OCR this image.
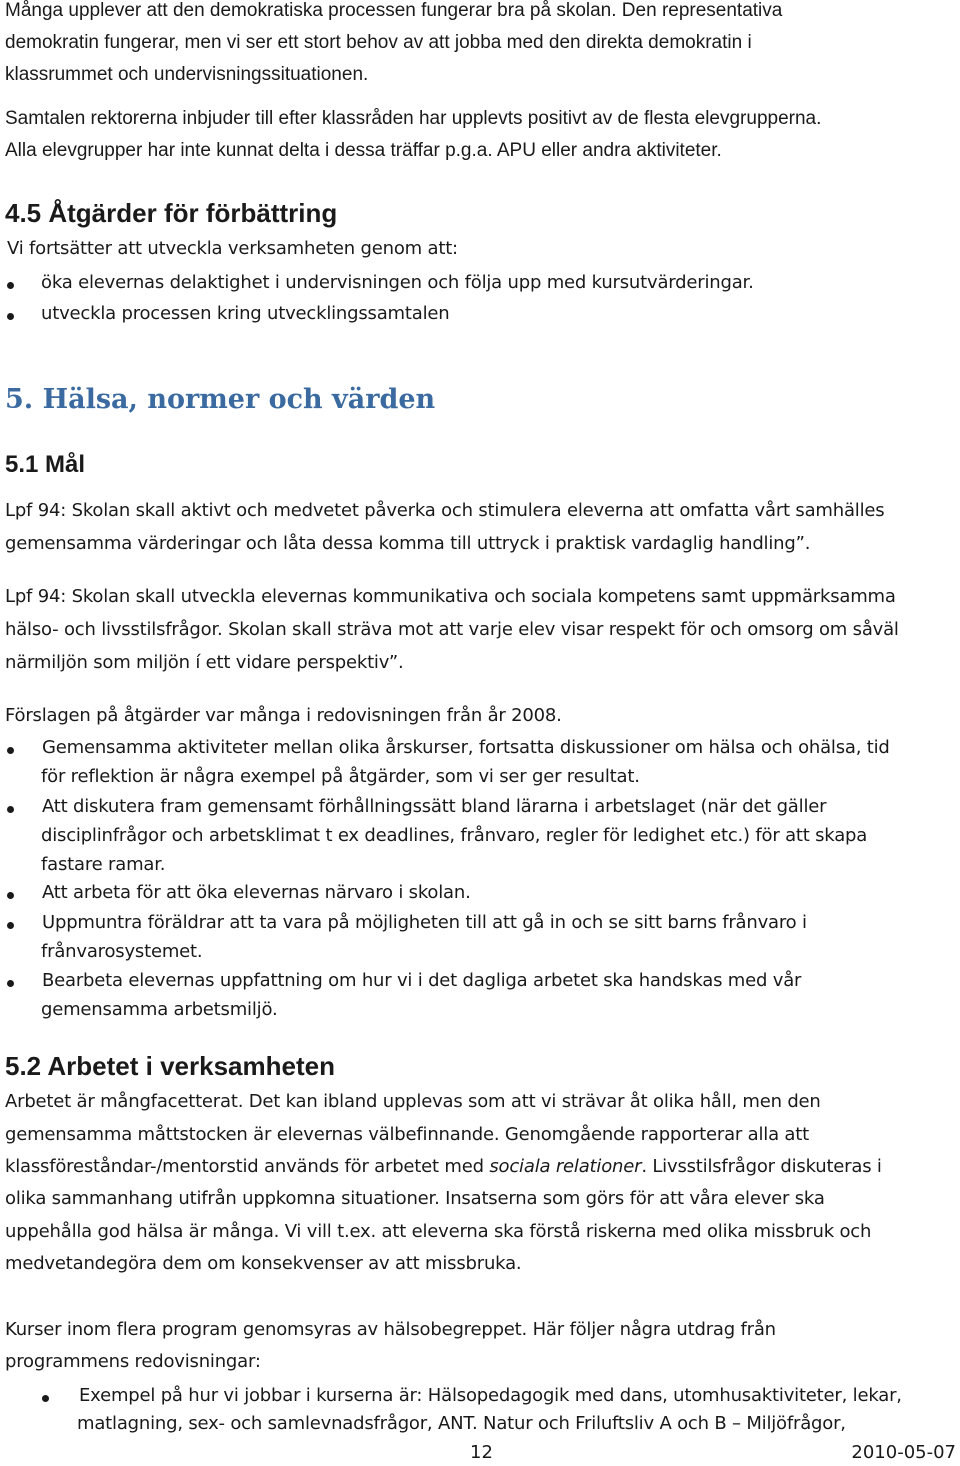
Många upplever att den demokratiska processen fungerar bra på skolan. Den representativa
demokratin fungerar, men vi ser ett stort behov av att jobba med den direkta demokratin i
klassrummet och undervisningssituationen.
Samtalen rektorerna inbjuder till efter klassråden har upplevts positivt av de flesta elevgrupperna.
Alla elevgrupper har inte kunnat delta i dessa träffar p.g.a. APU eller andra aktiviteter.
4.5 Åtgärder för förbättring
Vi fortsätter att utveckla verksamheten genom att:
öka elevernas delaktighet i undervisningen och följa upp med kursutvärderingar.
utveckla processen kring utvecklingssamtalen
5. Hälsa, normer och värden
5.1 Mål
Lpf 94: Skolan skall aktivt och medvetet påverka och stimulera eleverna att omfatta vårt samhälles
gemensamma värderingar och låta dessa komma till uttryck i praktisk vardaglig handling”.
Lpf 94: Skolan skall utveckla elevernas kommunikativa och sociala kompetens samt uppmärksamma
hälso- och livsstilsfrågor. Skolan skall sträva mot att varje elev visar respekt för och omsorg om såväl
närmiljön som miljön í ett vidare perspektiv”.
Förslagen på åtgärder var många i redovisningen från år 2008.
Gemensamma aktiviteter mellan olika årskurser, fortsatta diskussioner om hälsa och ohälsa, tid
för reflektion är några exempel på åtgärder, som vi ser ger resultat.
Att diskutera fram gemensamt förhållningssätt bland lärarna i arbetslaget (när det gäller
disciplinfrågor och arbetsklimat t ex deadlines, frånvaro, regler för ledighet etc.) för att skapa
fastare ramar.
Att arbeta för att öka elevernas närvaro i skolan.
Uppmuntra föräldrar att ta vara på möjligheten till att gå in och se sitt barns frånvaro i
frånvarosystemet.
Bearbeta elevernas uppfattning om hur vi i det dagliga arbetet ska handskas med vår
gemensamma arbetsmiljö.
5.2 Arbetet i verksamheten
Arbetet är mångfacetterat. Det kan ibland upplevas som att vi strävar åt olika håll, men den
gemensamma måttstocken är elevernas välbefinnande. Genomgående rapporterar alla att
klassföreståndar-/mentorstid används för arbetet med sociala relationer. Livsstilsfrågor diskuteras i
olika sammanhang utifrån uppkomna situationer. Insatserna som görs för att våra elever ska
uppehålla god hälsa är många. Vi vill t.ex. att eleverna ska förstå riskerna med olika missbruk och
medvetandegöra dem om konsekvenser av att missbruka.
Kurser inom flera program genomsyras av hälsobegreppet. Här följer några utdrag från
programmens redovisningar:
Exempel på hur vi jobbar i kurserna är: Hälsopedagogik med dans, utomhusaktiviteter, lekar,
matlagning, sex- och samlevnadsfrågor, ANT. Natur och Friluftsliv A och B – Miljöfrågor,
12	2010-05-07
